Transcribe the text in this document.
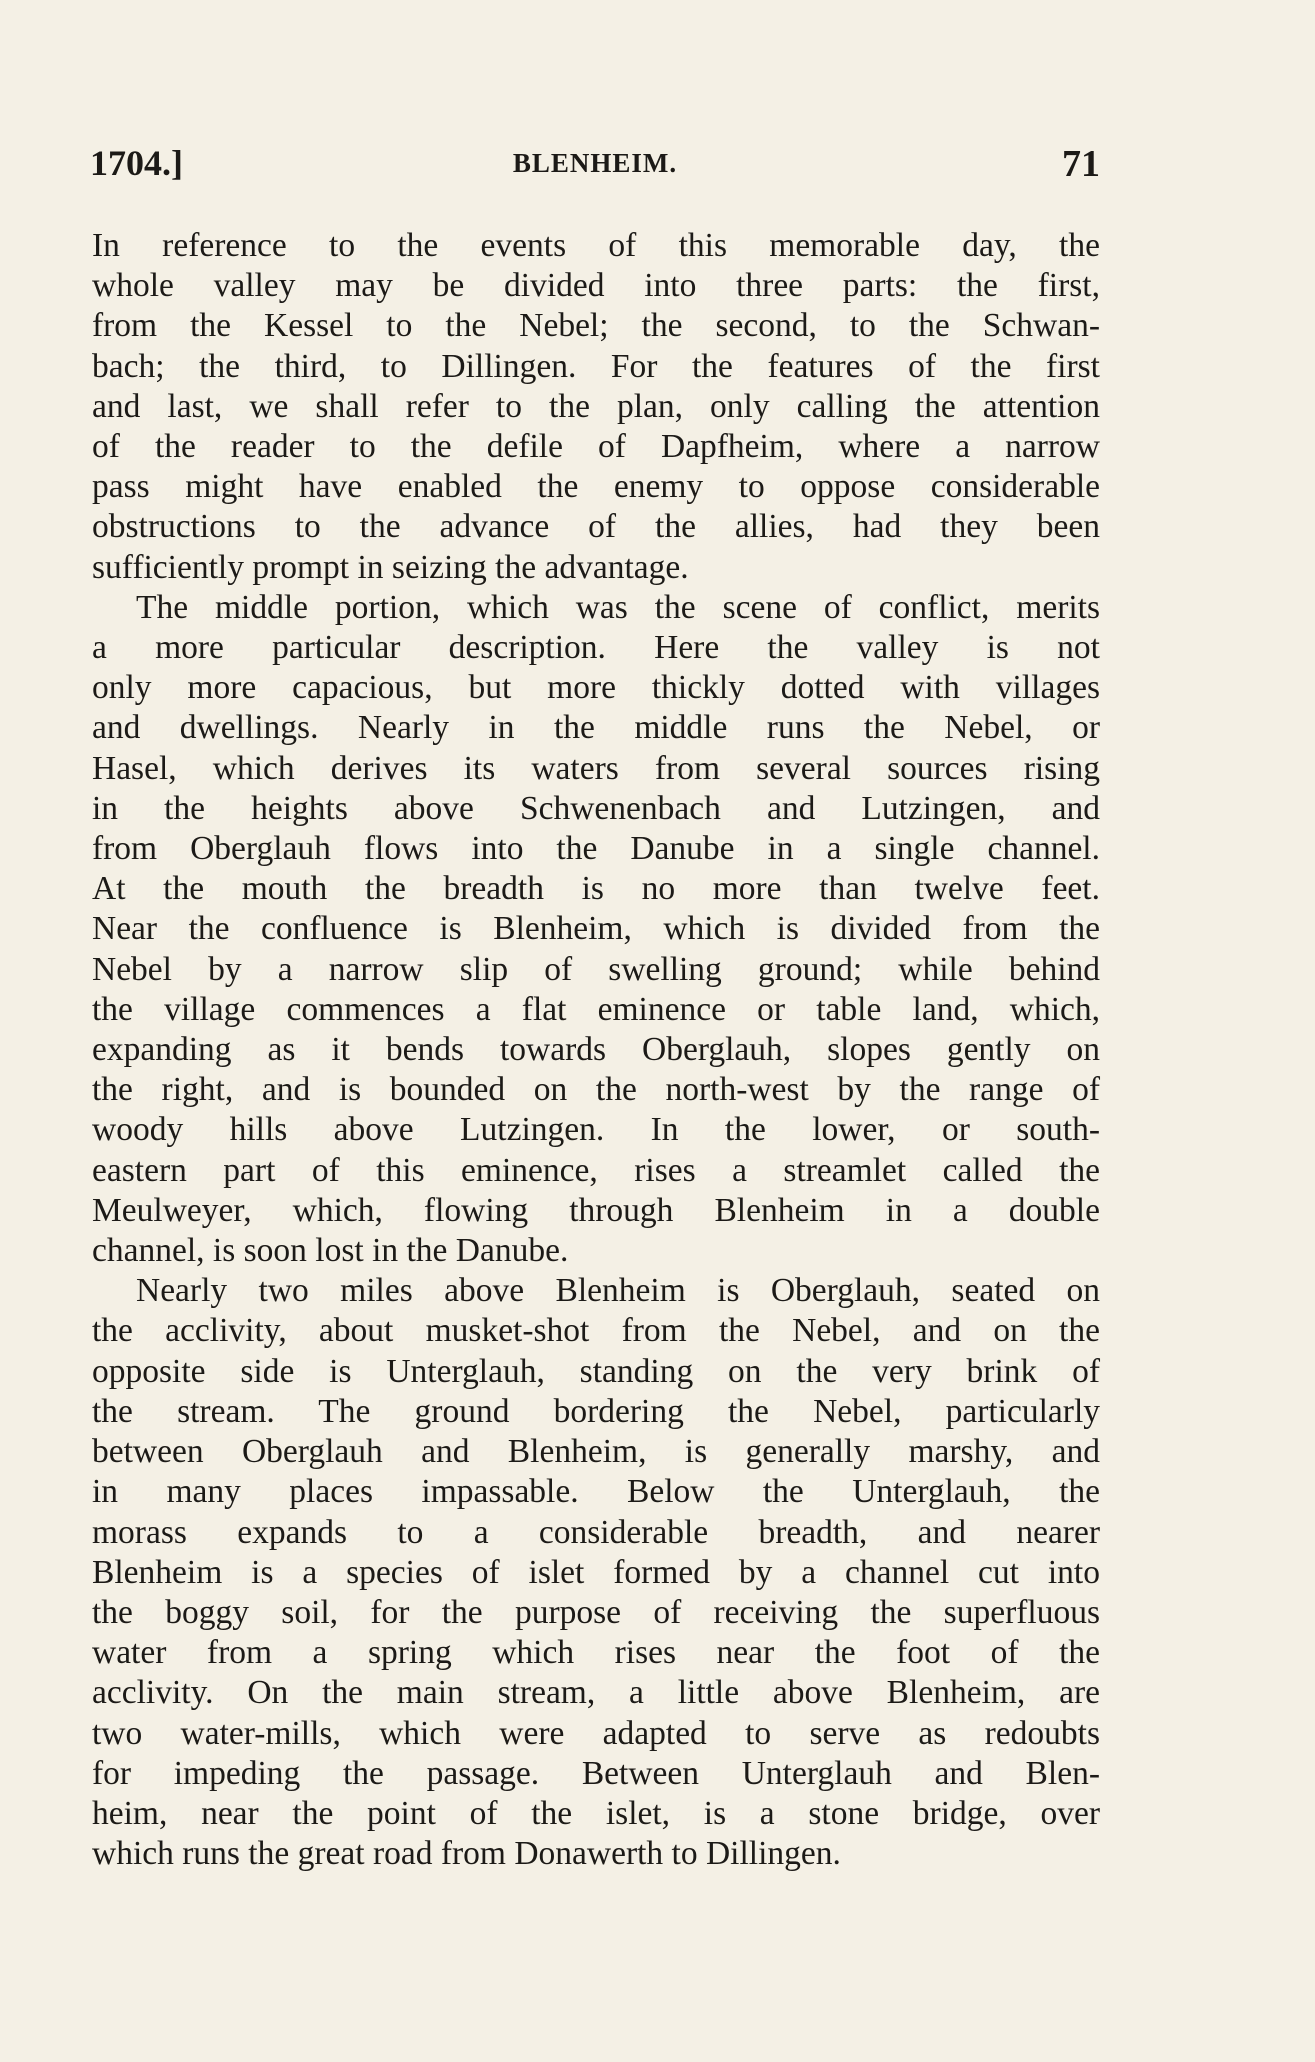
1704.]	BLENHEIM.	71
In reference to the events of this memorable day, the
whole valley may be divided into three parts: the first,
from the Kessel to the Nebel; the second, to the Schwan-
bach; the third, to Dillingen. For the features of the first
and last, we shall refer to the plan, only calling the attention
of the reader to the defile of Dapfheim, where a narrow
pass might have enabled the enemy to oppose considerable
obstructions to the advance of the allies, had they been
sufficiently prompt in seizing the advantage.
The middle portion, which was the scene of conflict, merits
a more particular description. Here the valley is not
only more capacious, but more thickly dotted with villages
and dwellings. Nearly in the middle runs the Nebel, or
Hasel, which derives its waters from several sources rising
in the heights above Schwenenbach and Lutzingen, and
from Oberglauh flows into the Danube in a single channel.
At the mouth the breadth is no more than twelve feet.
Near the confluence is Blenheim, which is divided from the
Nebel by a narrow slip of swelling ground; while behind
the village commences a flat eminence or table land, which,
expanding as it bends towards Oberglauh, slopes gently on
the right, and is bounded on the north-west by the range of
woody hills above Lutzingen. In the lower, or south-
eastern part of this eminence, rises a streamlet called the
Meulweyer, which, flowing through Blenheim in a double
channel, is soon lost in the Danube.
Nearly two miles above Blenheim is Oberglauh, seated on
the acclivity, about musket-shot from the Nebel, and on the
opposite side is Unterglauh, standing on the very brink of
the stream. The ground bordering the Nebel, particularly
between Oberglauh and Blenheim, is generally marshy, and
in many places impassable. Below the Unterglauh, the
morass expands to a considerable breadth, and nearer
Blenheim is a species of islet formed by a channel cut into
the boggy soil, for the purpose of receiving the superfluous
water from a spring which rises near the foot of the
acclivity. On the main stream, a little above Blenheim, are
two water-mills, which were adapted to serve as redoubts
for impeding the passage. Between Unterglauh and Blen-
heim, near the point of the islet, is a stone bridge, over
which runs the great road from Donawerth to Dillingen.
